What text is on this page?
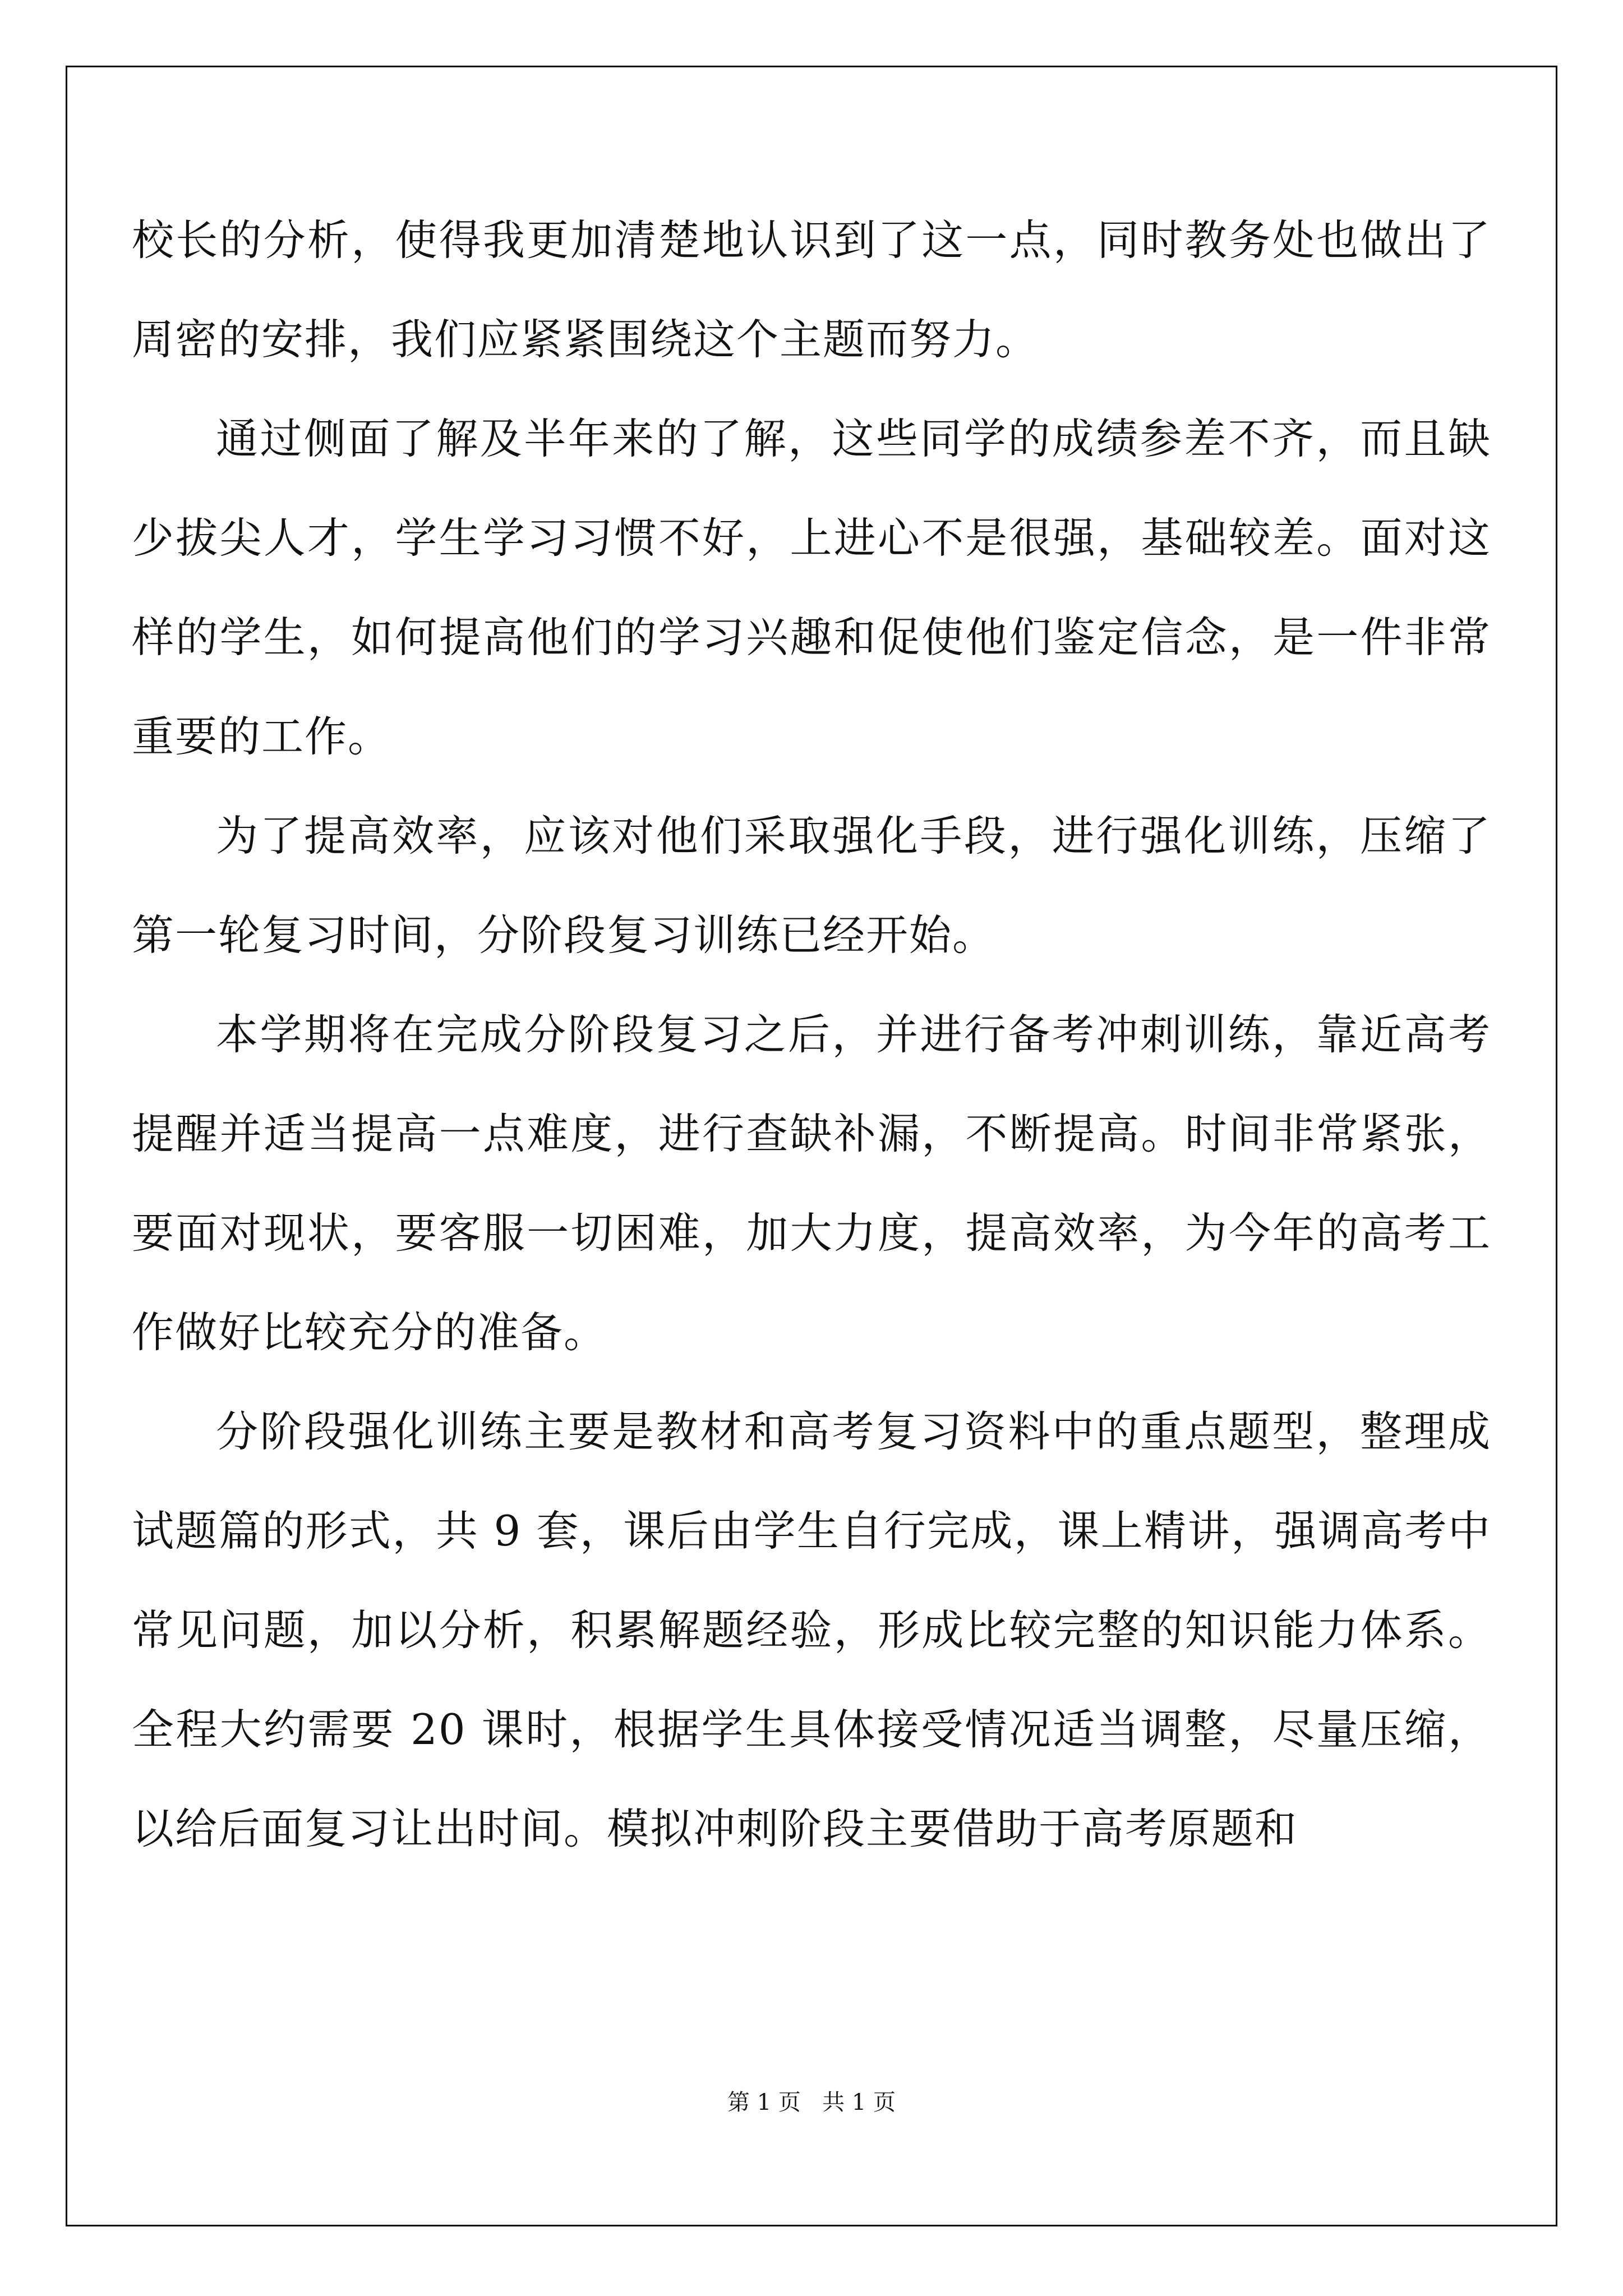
校长的分析，使得我更加清楚地认识到了这一点，同时教务处也做出了周密的安排，我们应紧紧围绕这个主题而努力。

通过侧面了解及半年来的了解，这些同学的成绩参差不齐，而且缺少拔尖人才，学生学习习惯不好，上进心不是很强，基础较差。面对这样的学生，如何提高他们的学习兴趣和促使他们鉴定信念，是一件非常重要的工作。

为了提高效率，应该对他们采取强化手段，进行强化训练，压缩了第一轮复习时间，分阶段复习训练已经开始。

本学期将在完成分阶段复习之后，并进行备考冲刺训练，靠近高考提醒并适当提高一点难度，进行查缺补漏，不断提高。时间非常紧张，要面对现状，要客服一切困难，加大力度，提高效率，为今年的高考工作做好比较充分的准备。

分阶段强化训练主要是教材和高考复习资料中的重点题型，整理成试题篇的形式，共 9 套，课后由学生自行完成，课上精讲，强调高考中常见问题，加以分析，积累解题经验，形成比较完整的知识能力体系。全程大约需要 20 课时，根据学生具体接受情况适当调整，尽量压缩，以给后面复习让出时间。模拟冲刺阶段主要借助于高考原题和

第 1 页 共 1 页
